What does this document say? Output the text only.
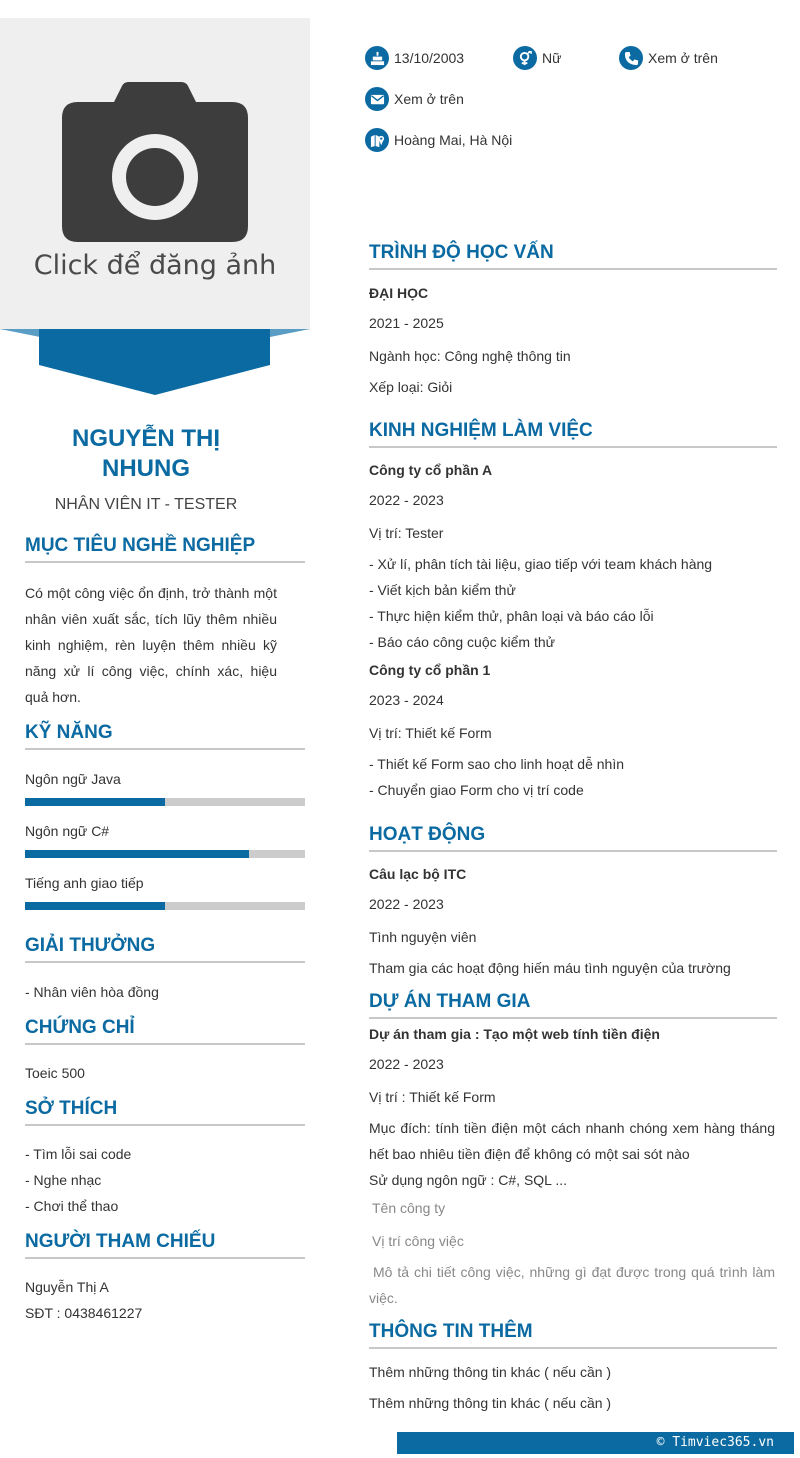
Click để đăng ảnh
NGUYỄN THỊ NHUNG
NHÂN VIÊN IT - TESTER
MỤC TIÊU NGHỀ NGHIỆP
Có một công việc ổn định, trở thành một nhân viên xuất sắc, tích lũy thêm nhiều kinh nghiệm, rèn luyện thêm nhiều kỹ năng xử lí công việc, chính xác, hiệu quả hơn.
KỸ NĂNG
Ngôn ngữ Java
Ngôn ngữ C#
Tiếng anh giao tiếp
GIẢI THƯỞNG
- Nhân viên hòa đồng
CHỨNG CHỈ
Toeic 500
SỞ THÍCH
- Tìm lỗi sai code
- Nghe nhạc
- Chơi thể thao
NGƯỜI THAM CHIẾU
Nguyễn Thị A
SĐT : 0438461227
13/10/2003	Nữ	Xem ở trên
Xem ở trên
Hoàng Mai, Hà Nội
TRÌNH ĐỘ HỌC VẤN
ĐẠI HỌC
2021 - 2025
Ngành học: Công nghệ thông tin
Xếp loại: Giỏi
KINH NGHIỆM LÀM VIỆC
Công ty cổ phần A
2022 - 2023
Vị trí: Tester
- Xử lí, phân tích tài liệu, giao tiếp với team khách hàng
- Viết kịch bản kiểm thử
- Thực hiện kiểm thử, phân loại và báo cáo lỗi
- Báo cáo công cuộc kiểm thử
Công ty cổ phần 1
2023 - 2024
Vị trí: Thiết kế Form
- Thiết kế Form sao cho linh hoạt dễ nhìn
- Chuyển giao Form cho vị trí code
HOẠT ĐỘNG
Câu lạc bộ ITC
2022 - 2023
Tình nguyện viên
Tham gia các hoạt động hiến máu tình nguyện của trường
DỰ ÁN THAM GIA
Dự án tham gia : Tạo một web tính tiền điện
2022 - 2023
Vị trí : Thiết kế Form
Mục đích: tính tiền điện một cách nhanh chóng xem hàng tháng hết bao nhiêu tiền điện để không có một sai sót nào
Sử dụng ngôn ngữ : C#, SQL ...
Tên công ty
Vị trí công việc
Mô tả chi tiết công việc, những gì đạt được trong quá trình làm việc.
THÔNG TIN THÊM
Thêm những thông tin khác ( nếu cần )
Thêm những thông tin khác ( nếu cần )
© Timviec365.vn
